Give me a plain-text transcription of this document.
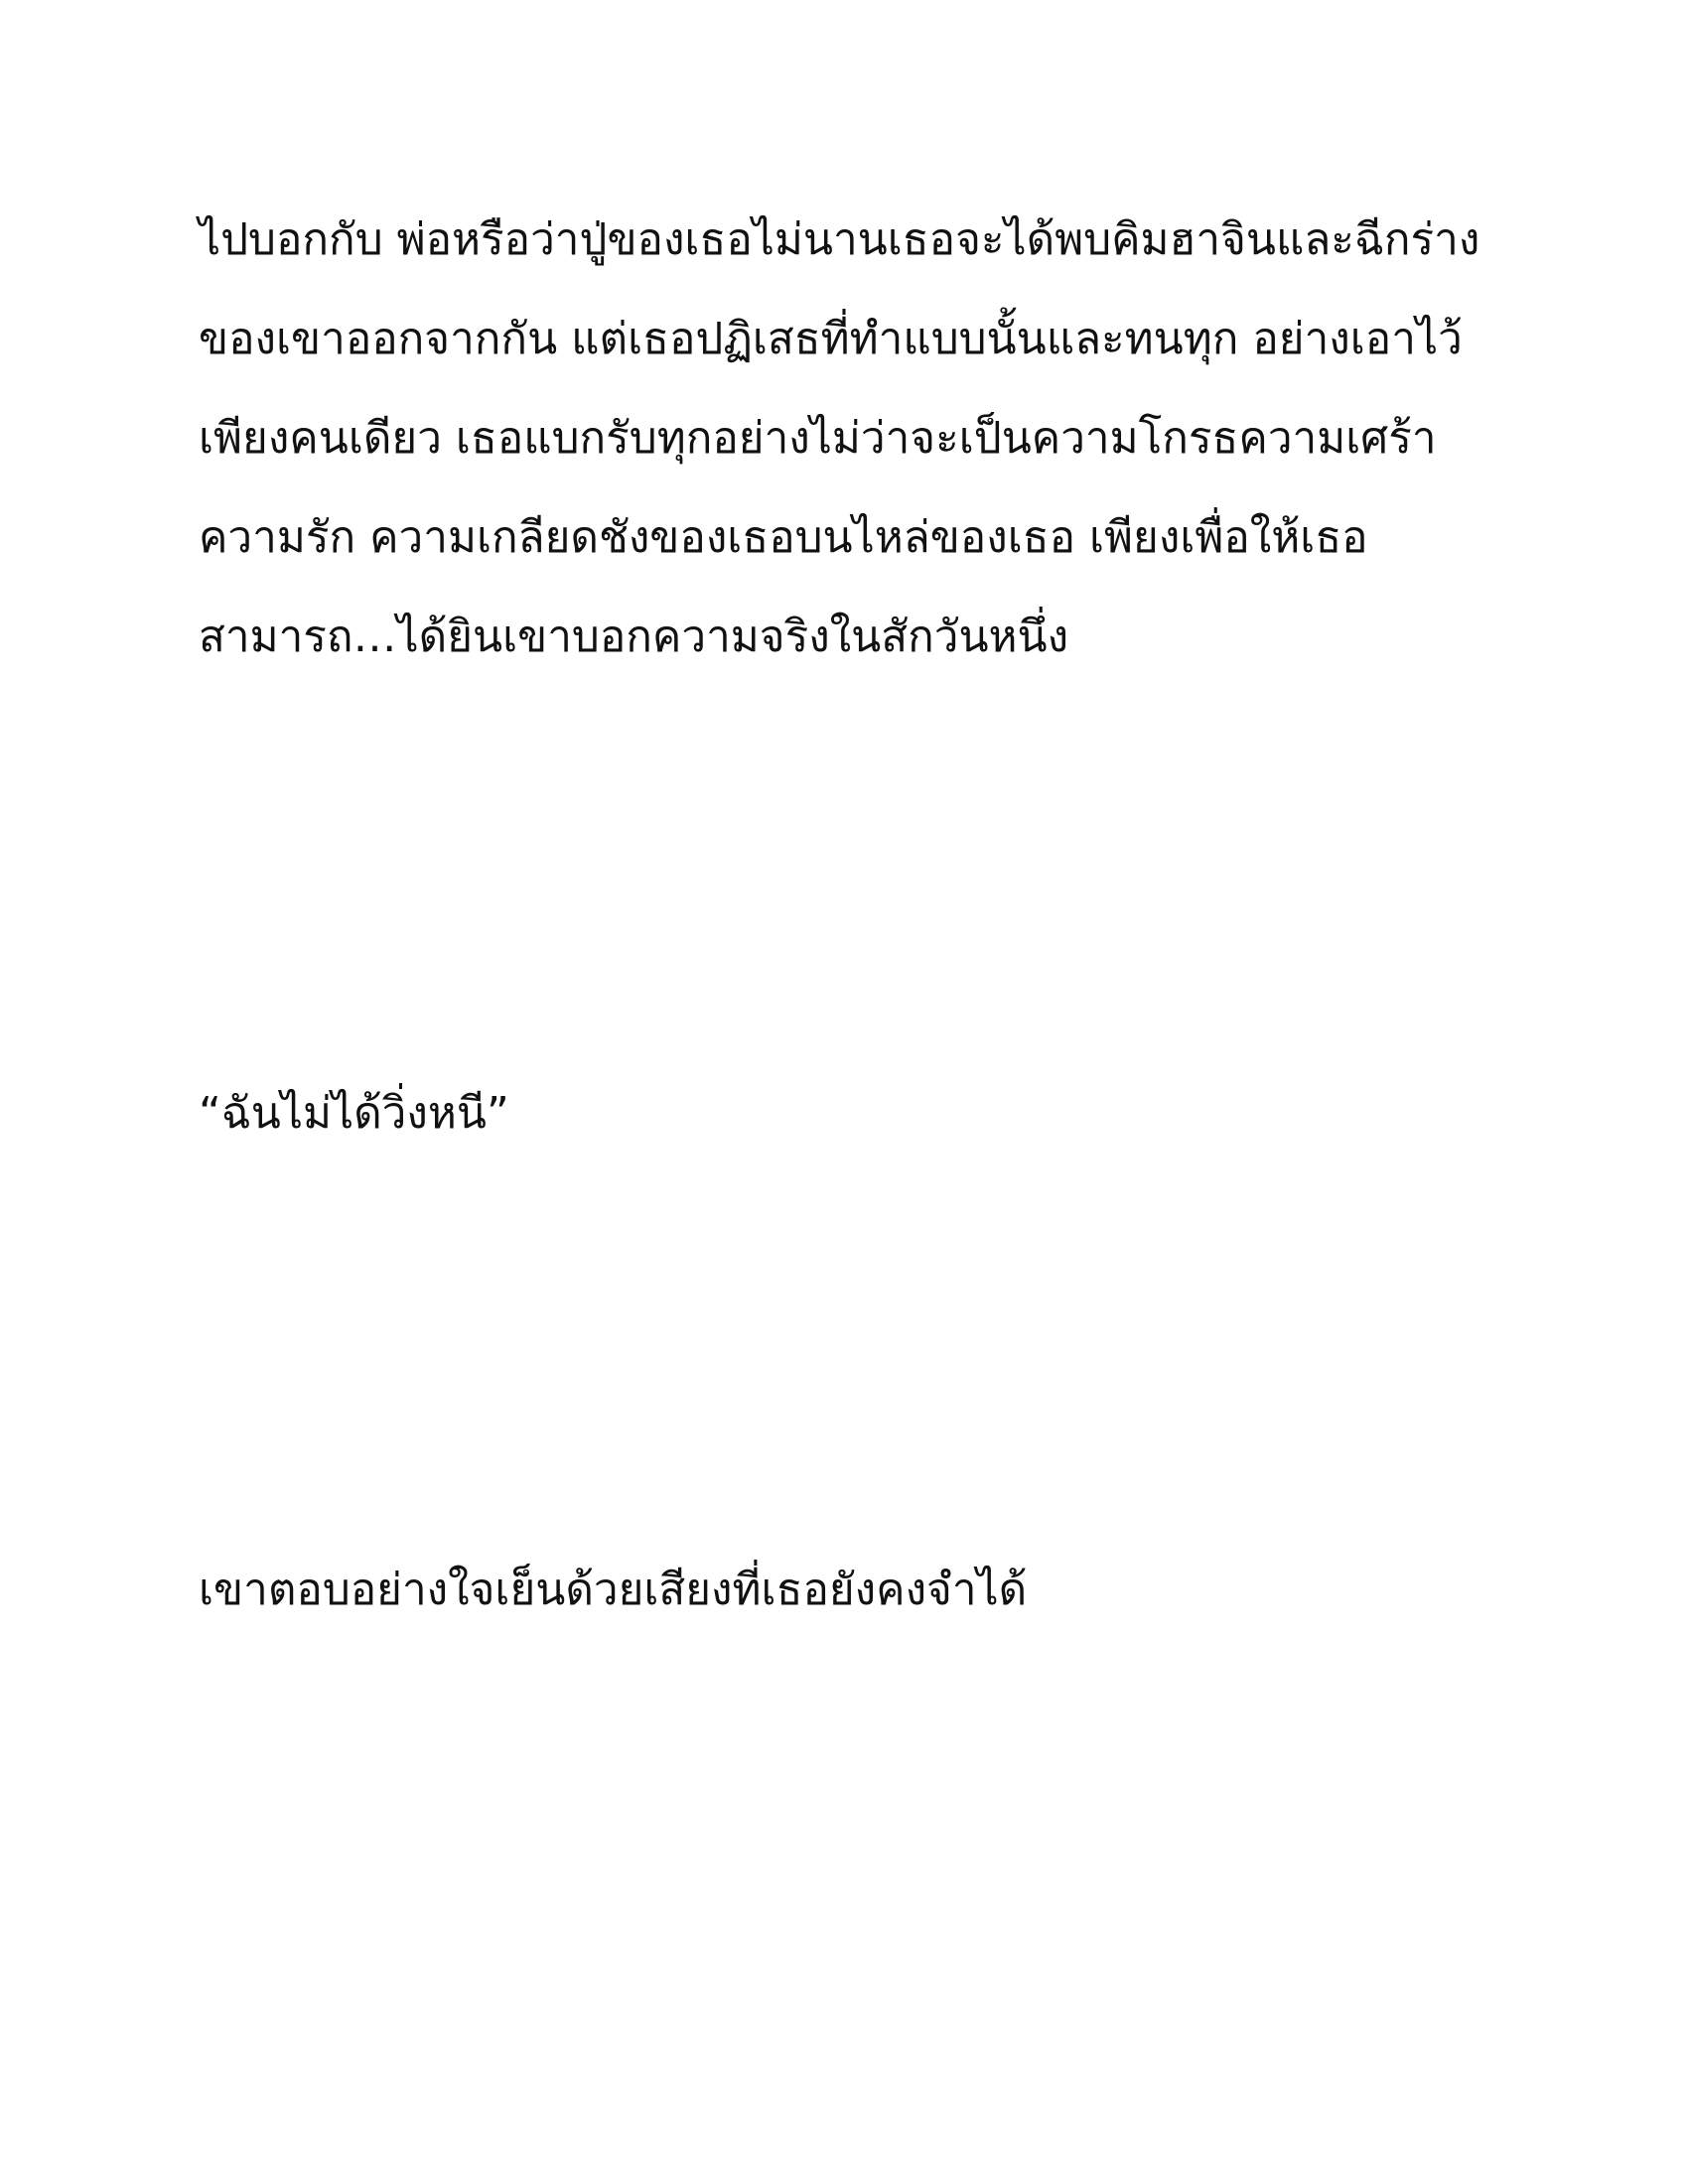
ไปบอกกับ พ่อหรือว่าปู่ของเธอไม่นานเธอจะได้พบคิมฮาจินและฉีกร่าง
ของเขาออกจากกัน แต่เธอปฏิเสธที่ทำแบบนั้นและทนทุก อย่างเอาไว้
เพียงคนเดียว เธอแบกรับทุกอย่างไม่ว่าจะเป็นความโกรธความเศร้า
ความรัก ความเกลียดชังของเธอบนไหล่ของเธอ เพียงเพื่อให้เธอ
สามารถ…ได้ยินเขาบอกความจริงในสักวันหนึ่ง
“ฉันไม่ได้วิ่งหนี”
เขาตอบอย่างใจเย็นด้วยเสียงที่เธอยังคงจำได้
